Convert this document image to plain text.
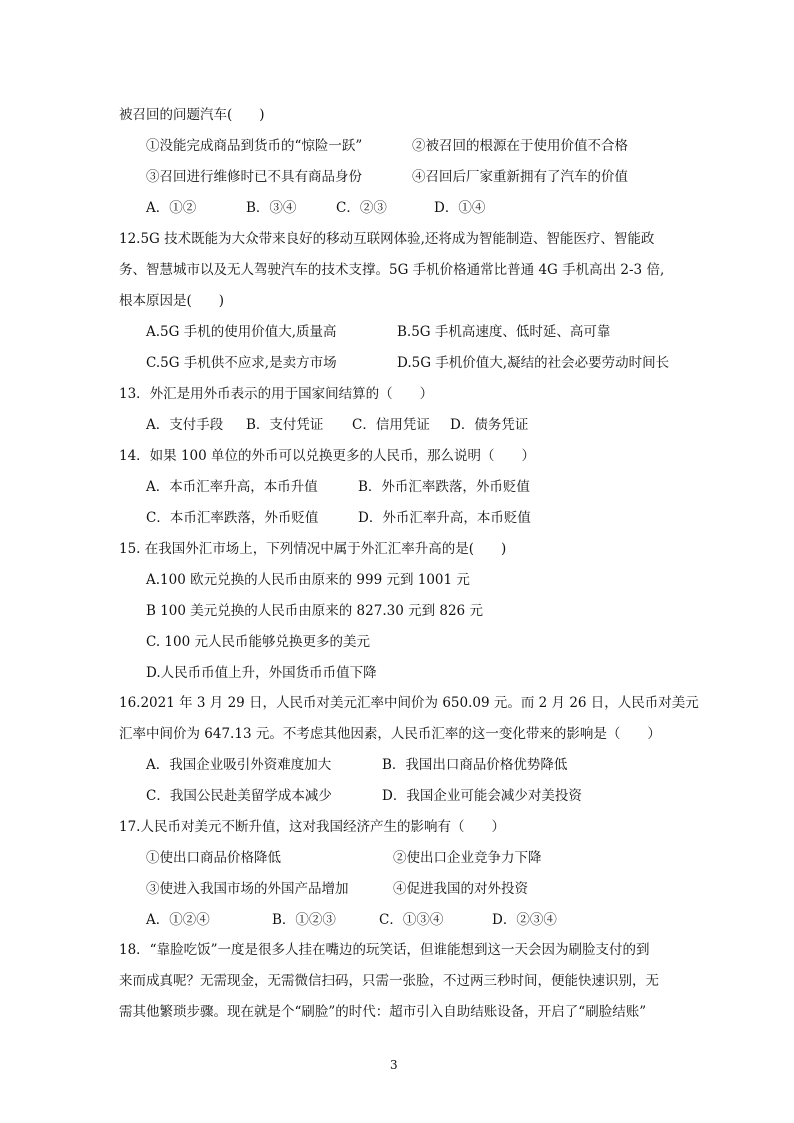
被召回的问题汽车(　　)
①没能完成商品到货币的“惊险一跃”	②被召回的根源在于使用价值不合格
③召回进行维修时已不具有商品身份	④召回后厂家重新拥有了汽车的价值
A．①②	B．③④	C．②③	D．①④
12.5G 技术既能为大众带来良好的移动互联网体验,还将成为智能制造、智能医疗、智能政
务、智慧城市以及无人驾驶汽车的技术支撑。5G 手机价格通常比普通 4G 手机高出 2-3 倍,
根本原因是(　　)
A.5G 手机的使用价值大,质量高	B.5G 手机高速度、低时延、高可靠
C.5G 手机供不应求,是卖方市场	D.5G 手机价值大,凝结的社会必要劳动时间长
13．外汇是用外币表示的用于国家间结算的（　　）
A．支付手段 B．支付凭证 C．信用凭证 D．债务凭证
14．如果 100 单位的外币可以兑换更多的人民币，那么说明（　　）
A．本币汇率升高，本币升值	B．外币汇率跌落，外币贬值
C．本币汇率跌落，外币贬值	D．外币汇率升高，本币贬值
15. 在我国外汇市场上，下列情况中属于外汇汇率升高的是(　　)
A.100 欧元兑换的人民币由原来的 999 元到 1001 元
B 100 美元兑换的人民币由原来的 827.30 元到 826 元
C. 100 元人民币能够兑换更多的美元
D.人民币币值上升，外国货币币值下降
16.2021 年 3 月 29 日，人民币对美元汇率中间价为 650.09 元。而 2 月 26 日，人民币对美元
汇率中间价为 647.13 元。不考虑其他因素，人民币汇率的这一变化带来的影响是（　　）
A．我国企业吸引外资难度加大	B．我国出口商品价格优势降低
C．我国公民赴美留学成本减少	D．我国企业可能会减少对美投资
17.人民币对美元不断升值，这对我国经济产生的影响有（　　）
①使出口商品价格降低	②使出口企业竞争力下降
③使进入我国市场的外国产品增加	④促进我国的对外投资
A．①②④	B．①②③	C．①③④	D．②③④
18．“靠脸吃饭”一度是很多人挂在嘴边的玩笑话，但谁能想到这一天会因为刷脸支付的到
来而成真呢？无需现金，无需微信扫码，只需一张脸，不过两三秒时间，便能快速识别，无
需其他繁琐步骤。现在就是个“刷脸”的时代：超市引入自助结账设备，开启了“刷脸结账”
3
